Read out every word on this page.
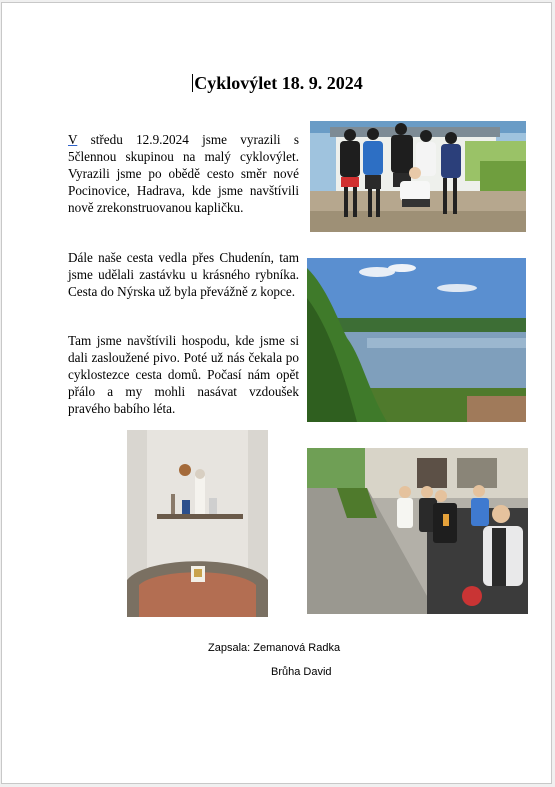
Cyklovýlet 18. 9. 2024

V středu 12.9.2024 jsme vyrazili s 5člennou skupinou na malý cyklovýlet. Vyrazili jsme po obědě cesto směr nové Pocinovice, Hadrava, kde jsme navštívili nově zrekonstruovanou kapličku.

Dále naše cesta vedla přes Chudenín, tam jsme udělali zastávku u krásného rybníka. Cesta do Nýrska už byla převážně z kopce.

Tam jsme navštívili hospodu, kde jsme si dali zasloužené pivo. Poté už nás čekala po cyklostezce cesta domů. Počasí nám opět přálo a my mohli nasávat vzdoušek pravého babího léta.

Zapsala: Zemanová Radka
Brůha David
